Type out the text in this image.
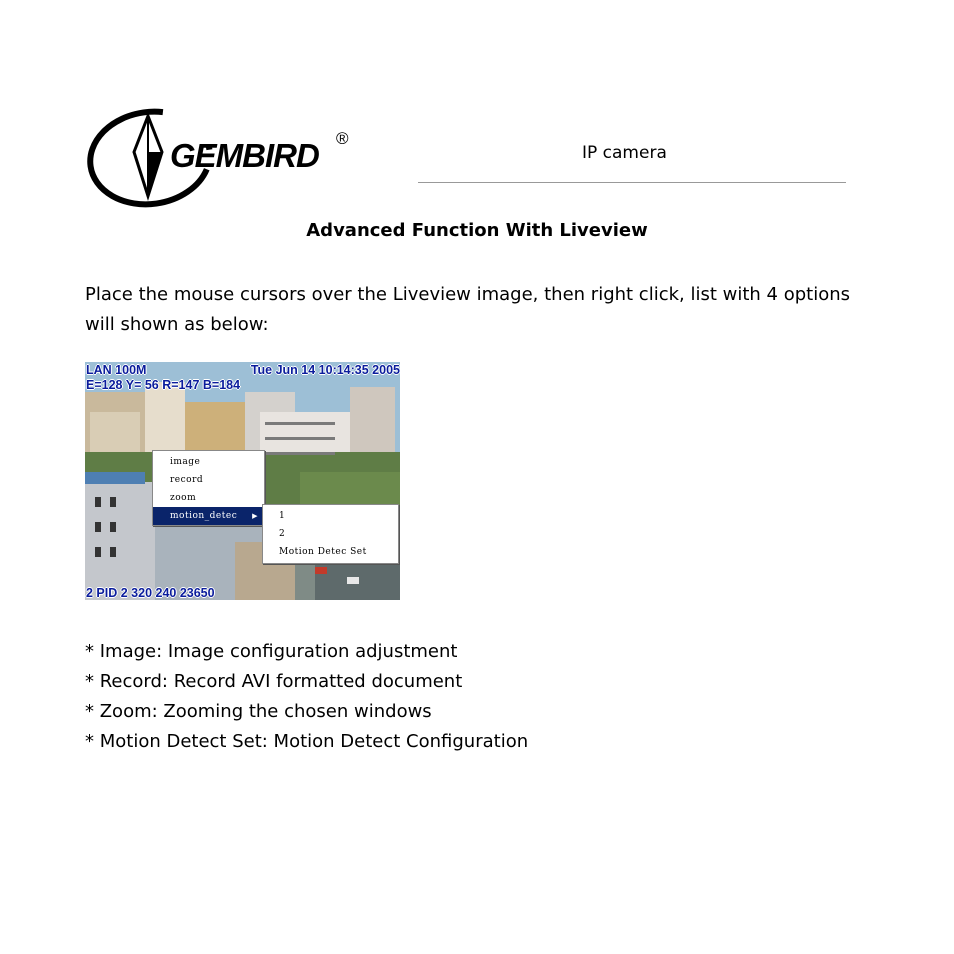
GEMBIRD ®
IP camera
Advanced Function With Liveview
Place the mouse cursors over the Liveview image, then right click, list with 4 options will shown as below:
LAN 100M	Tue Jun 14 10:14:35 2005
E=128 Y= 56 R=147 B=184
2 PID 2 320 240 23650
image
record
zoom
motion_detec ▶	1
2
Motion Detec Set
* Image: Image configuration adjustment
* Record: Record AVI formatted document
* Zoom: Zooming the chosen windows
* Motion Detect Set: Motion Detect Configuration
